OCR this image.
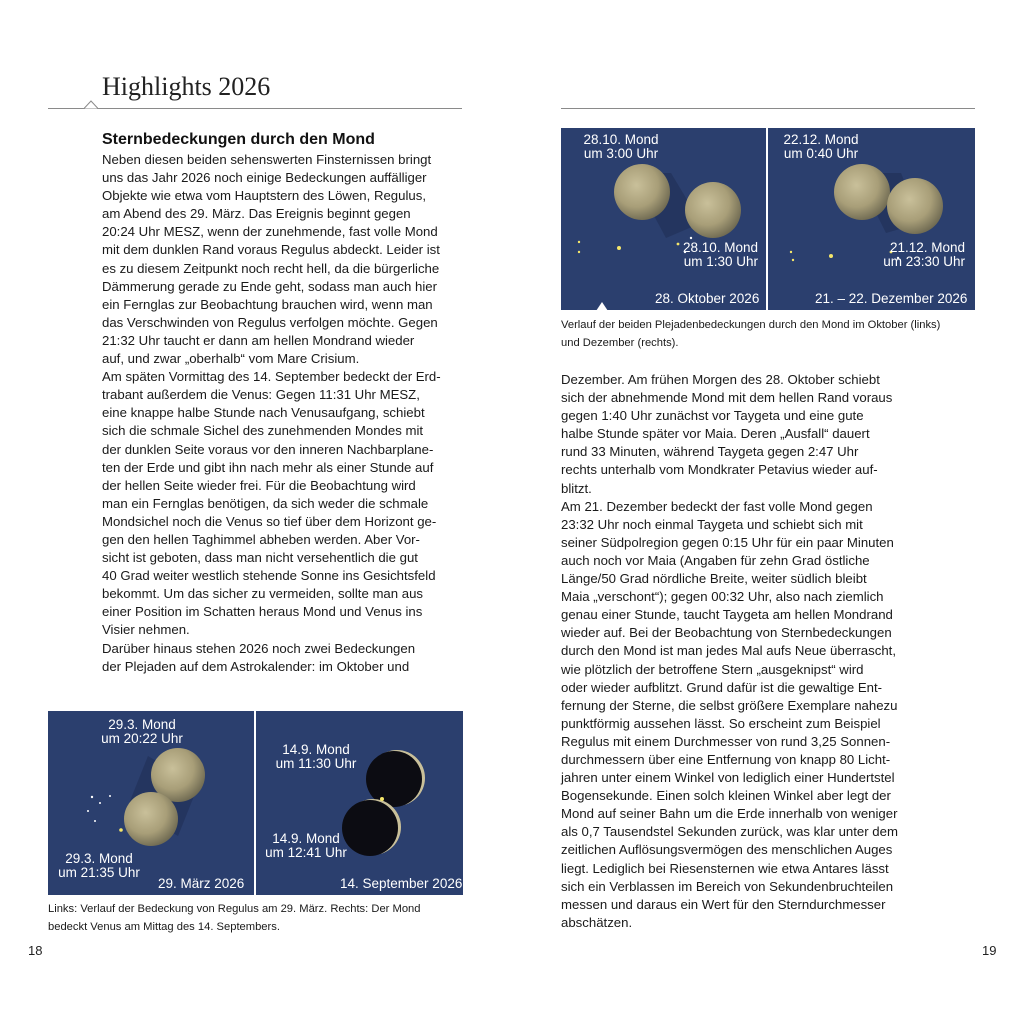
Highlights 2026
Sternbedeckungen durch den Mond
Neben diesen beiden sehenswerten Finsternissen bringt
uns das Jahr 2026 noch einige Bedeckungen auffälliger
Objekte wie etwa vom Hauptstern des Löwen, Regulus,
am Abend des 29. März. Das Ereignis beginnt gegen
20:24 Uhr MESZ, wenn der zunehmende, fast volle Mond
mit dem dunklen Rand voraus Regulus abdeckt. Leider ist
es zu diesem Zeitpunkt noch recht hell, da die bürgerliche
Dämmerung gerade zu Ende geht, sodass man auch hier
ein Fernglas zur Beobachtung brauchen wird, wenn man
das Verschwinden von Regulus verfolgen möchte. Gegen
21:32 Uhr taucht er dann am hellen Mondrand wieder
auf, und zwar „oberhalb“ vom Mare Crisium.
Am späten Vormittag des 14. September bedeckt der Erd-
trabant außerdem die Venus: Gegen 11:31 Uhr MESZ,
eine knappe halbe Stunde nach Venusaufgang, schiebt
sich die schmale Sichel des zunehmenden Mondes mit
der dunklen Seite voraus vor den inneren Nachbarplane-
ten der Erde und gibt ihn nach mehr als einer Stunde auf
der hellen Seite wieder frei. Für die Beobachtung wird
man ein Fernglas benötigen, da sich weder die schmale
Mondsichel noch die Venus so tief über dem Horizont ge-
gen den hellen Taghimmel abheben werden. Aber Vor-
sicht ist geboten, dass man nicht versehentlich die gut
40 Grad weiter westlich stehende Sonne ins Gesichtsfeld
bekommt. Um das sicher zu vermeiden, sollte man aus
einer Position im Schatten heraus Mond und Venus ins
Visier nehmen.
Darüber hinaus stehen 2026 noch zwei Bedeckungen
der Plejaden auf dem Astrokalender: im Oktober und
29.3. Mond
um 20:22 Uhr
29.3. Mond
um 21:35 Uhr
29. März 2026
14.9. Mond
um 11:30 Uhr
14.9. Mond
um 12:41 Uhr
14. September 2026
Links: Verlauf der Bedeckung von Regulus am 29. März. Rechts: Der Mond
bedeckt Venus am Mittag des 14. Septembers.
18
28.10. Mond
um 3:00 Uhr
28.10. Mond
um 1:30 Uhr
28. Oktober 2026
22.12. Mond
um 0:40 Uhr
21.12. Mond
um 23:30 Uhr
21. – 22. Dezember 2026
Verlauf der beiden Plejadenbedeckungen durch den Mond im Oktober (links)
und Dezember (rechts).
Dezember. Am frühen Morgen des 28. Oktober schiebt
sich der abnehmende Mond mit dem hellen Rand voraus
gegen 1:40 Uhr zunächst vor Taygeta und eine gute
halbe Stunde später vor Maia. Deren „Ausfall“ dauert
rund 33 Minuten, während Taygeta gegen 2:47 Uhr
rechts unterhalb vom Mondkrater Petavius wieder auf-
blitzt.
Am 21. Dezember bedeckt der fast volle Mond gegen
23:32 Uhr noch einmal Taygeta und schiebt sich mit
seiner Südpolregion gegen 0:15 Uhr für ein paar Minuten
auch noch vor Maia (Angaben für zehn Grad östliche
Länge/50 Grad nördliche Breite, weiter südlich bleibt
Maia „verschont“); gegen 00:32 Uhr, also nach ziemlich
genau einer Stunde, taucht Taygeta am hellen Mondrand
wieder auf. Bei der Beobachtung von Sternbedeckungen
durch den Mond ist man jedes Mal aufs Neue überrascht,
wie plötzlich der betroffene Stern „ausgeknipst“ wird
oder wieder aufblitzt. Grund dafür ist die gewaltige Ent-
fernung der Sterne, die selbst größere Exemplare nahezu
punktförmig aussehen lässt. So erscheint zum Beispiel
Regulus mit einem Durchmesser von rund 3,25 Sonnen-
durchmessern über eine Entfernung von knapp 80 Licht-
jahren unter einem Winkel von lediglich einer Hundertstel
Bogensekunde. Einen solch kleinen Winkel aber legt der
Mond auf seiner Bahn um die Erde innerhalb von weniger
als 0,7 Tausendstel Sekunden zurück, was klar unter dem
zeitlichen Auflösungsvermögen des menschlichen Auges
liegt. Lediglich bei Riesensternen wie etwa Antares lässt
sich ein Verblassen im Bereich von Sekundenbruchteilen
messen und daraus ein Wert für den Sterndurchmesser
abschätzen.
19
